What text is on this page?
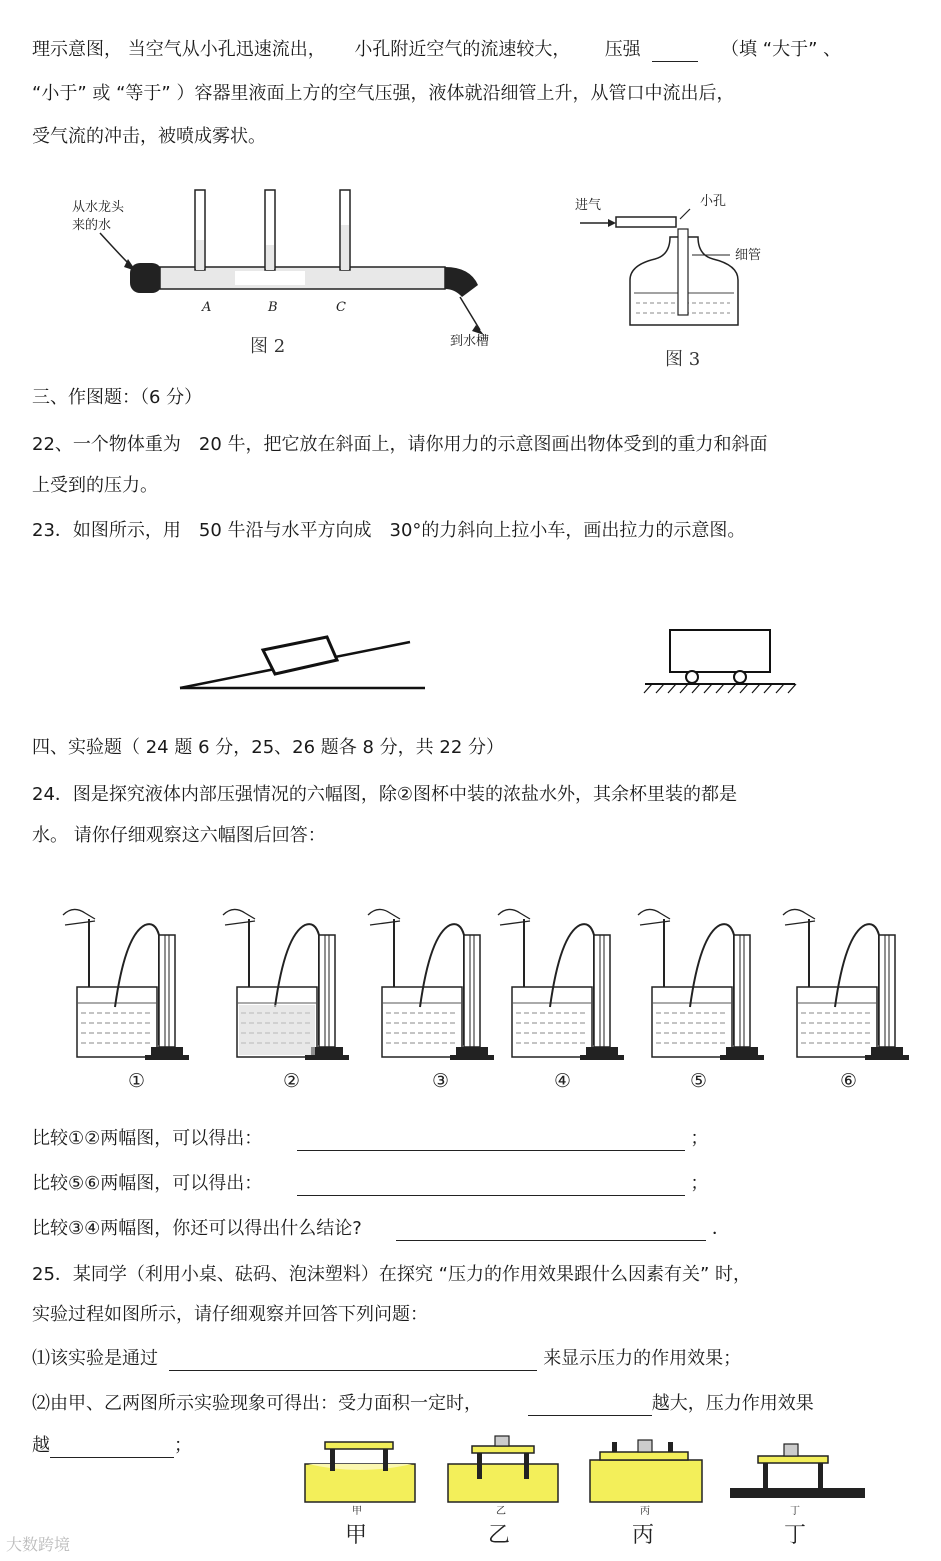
理示意图， 当空气从小孔迅速流出， 小孔附近空气的流速较大， 压强	（填 “大于” 、
“小于” 或 “等于” ）容器里液面上方的空气压强，液体就沿细管上升，从管口中流出后，
受气流的冲击，被喷成雾状。
从水龙头
来的水
A	B	C
到水槽
图 2
进气	小孔
细管
图 3
三、作图题：（6 分）
22、一个物体重为　20 牛，把它放在斜面上，请你用力的示意图画出物体受到的重力和斜面
上受到的压力。
23．如图所示，用　50 牛沿与水平方向成　30°的力斜向上拉小车，画出拉力的示意图。
四、实验题（ 24 题 6 分，25、26 题各 8 分，共 22 分）
24．图是探究液体内部压强情况的六幅图，除②图杯中装的浓盐水外，其余杯里装的都是
水。 请你仔细观察这六幅图后回答：
①	②	③	④	⑤	⑥
比较①②两幅图，可以得出：	；
比较⑤⑥两幅图，可以得出：	；
比较③④两幅图，你还可以得出什么结论?	．
25．某同学（利用小桌、砝码、泡沫塑料）在探究 “压力的作用效果跟什么因素有关” 时，
实验过程如图所示，请仔细观察并回答下列问题：
⑴该实验是通过	来显示压力的作用效果；
⑵由甲、乙两图所示实验现象可得出：受力面积一定时，	越大，压力作用效果
越	；
甲	乙	丙	丁
甲	乙	丙	丁
大数跨境
